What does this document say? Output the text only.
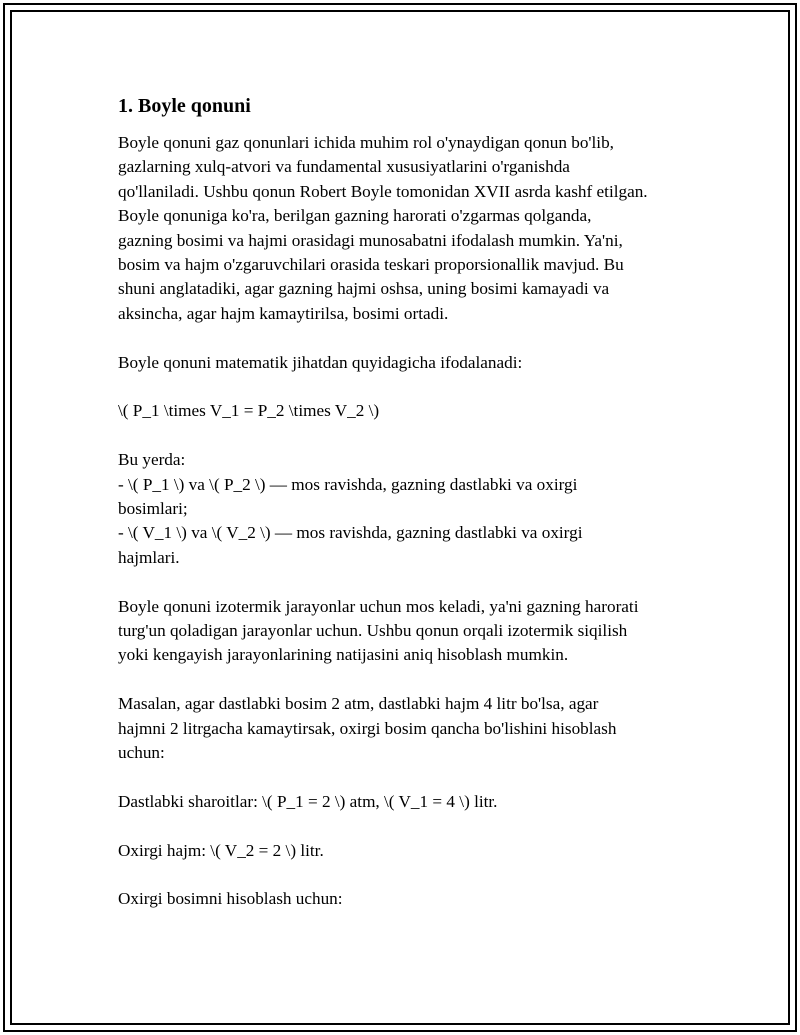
1. Boyle qonuni

Boyle qonuni gaz qonunlari ichida muhim rol o'ynaydigan qonun bo'lib,
gazlarning xulq-atvori va fundamental xususiyatlarini o'rganishda
qo'llaniladi. Ushbu qonun Robert Boyle tomonidan XVII asrda kashf etilgan.
Boyle qonuniga ko'ra, berilgan gazning harorati o'zgarmas qolganda,
gazning bosimi va hajmi orasidagi munosabatni ifodalash mumkin. Ya'ni,
bosim va hajm o'zgaruvchilari orasida teskari proporsionallik mavjud. Bu
shuni anglatadiki, agar gazning hajmi oshsa, uning bosimi kamayadi va
aksincha, agar hajm kamaytirilsa, bosimi ortadi.

Boyle qonuni matematik jihatdan quyidagicha ifodalanadi:

\( P_1 \times V_1 = P_2 \times V_2 \)

Bu yerda:
- \( P_1 \) va \( P_2 \) — mos ravishda, gazning dastlabki va oxirgi
bosimlari;
- \( V_1 \) va \( V_2 \) — mos ravishda, gazning dastlabki va oxirgi
hajmlari.

Boyle qonuni izotermik jarayonlar uchun mos keladi, ya'ni gazning harorati
turg'un qoladigan jarayonlar uchun. Ushbu qonun orqali izotermik siqilish
yoki kengayish jarayonlarining natijasini aniq hisoblash mumkin.

Masalan, agar dastlabki bosim 2 atm, dastlabki hajm 4 litr bo'lsa, agar
hajmni 2 litrgacha kamaytirsak, oxirgi bosim qancha bo'lishini hisoblash
uchun:

Dastlabki sharoitlar: \( P_1 = 2 \) atm, \( V_1 = 4 \) litr.

Oxirgi hajm: \( V_2 = 2 \) litr.

Oxirgi bosimni hisoblash uchun:
